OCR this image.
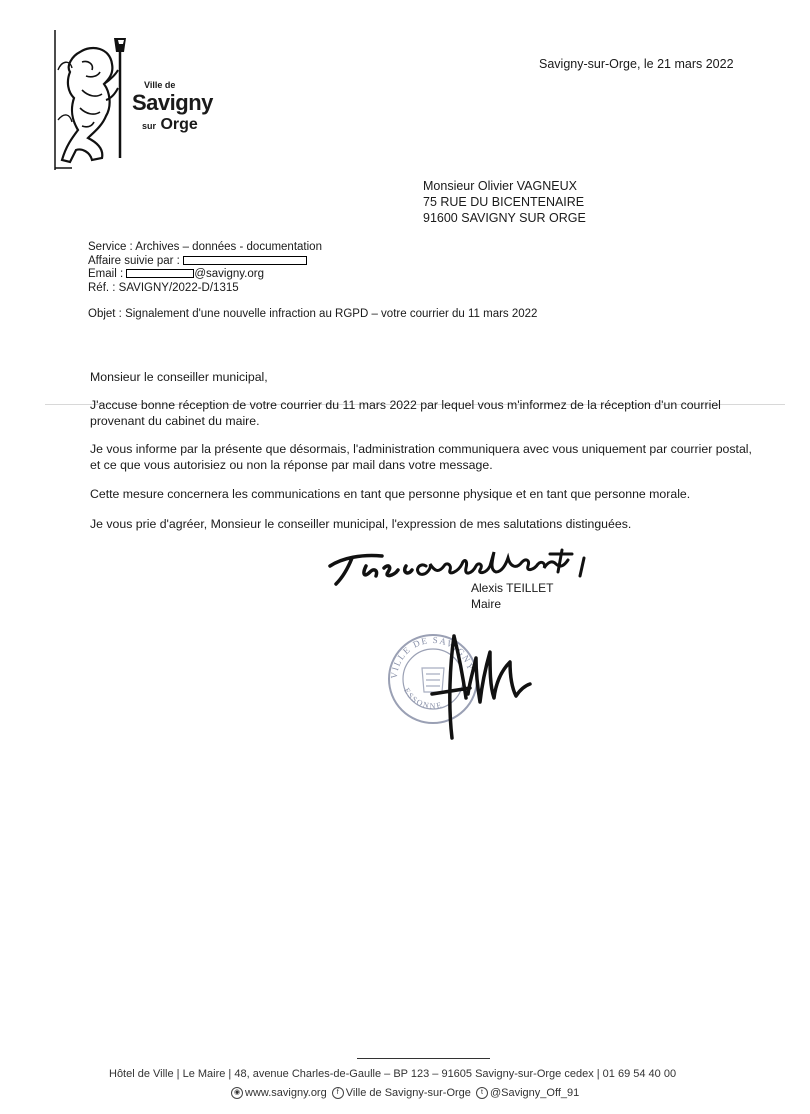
Ville de
Savigny
sur Orge
Savigny-sur-Orge, le 21 mars 2022
Monsieur Olivier VAGNEUX
75 RUE DU BICENTENAIRE
91600 SAVIGNY SUR ORGE
Service : Archives – données - documentation
Affaire suivie par :
Email :	@savigny.org
Réf. : SAVIGNY/2022-D/1315
Objet : Signalement d'une nouvelle infraction au RGPD – votre courrier du 11 mars 2022
Monsieur le conseiller municipal,
J'accuse bonne réception de votre courrier du 11 mars 2022 par lequel vous m'informez de la réception d'un courriel provenant du cabinet du maire.
Je vous informe par la présente que désormais, l'administration communiquera avec vous uniquement par courrier postal, et ce que vous autorisiez ou non la réponse par mail dans votre message.
Cette mesure concernera les communications en tant que personne physique et en tant que personne morale.
Je vous prie d'agréer, Monsieur le conseiller municipal, l'expression de mes salutations distinguées.
Alexis TEILLET
Maire
VILLE DE SAVIGNY
ESSONNE
Hôtel de Ville | Le Maire | 48, avenue Charles-de-Gaulle – BP 123 – 91605 Savigny-sur-Orge cedex | 01 69 54 40 00
◉ www.savigny.org f Ville de Savigny-sur-Orge t @Savigny_Off_91
